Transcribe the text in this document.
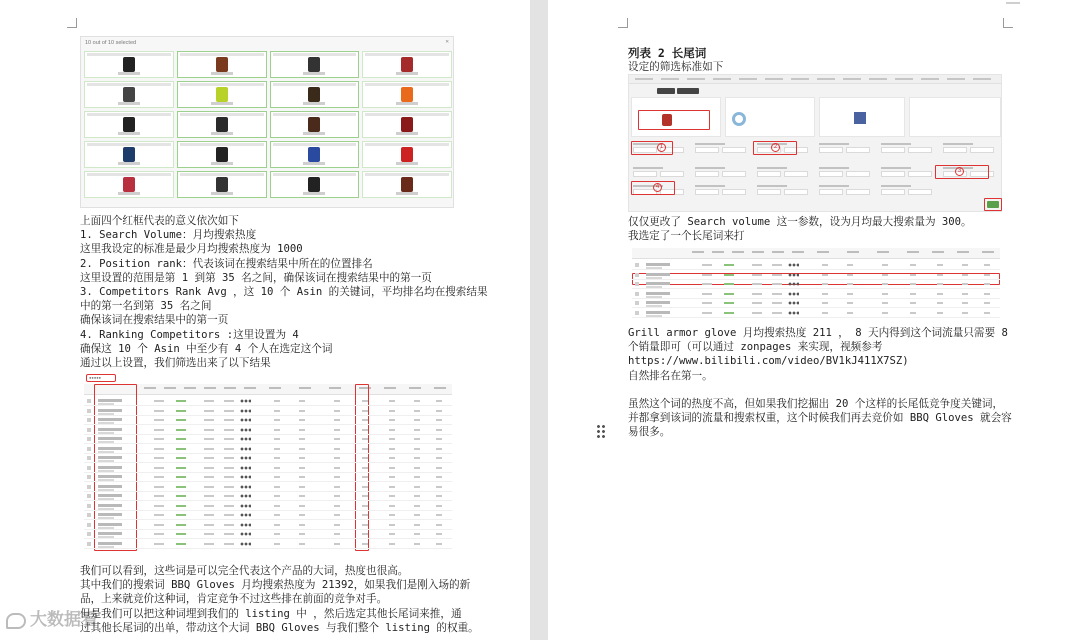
10 out of 10 selected	✕
上面四个红框代表的意义依次如下
1. Search Volume：月均搜索热度
这里我设定的标准是最少月均搜索热度为 1000
2. Position rank：代表该词在搜索结果中所在的位置排名
这里设置的范围是第 1 到第 35 名之间，确保该词在搜索结果中的第一页
3. Competitors Rank Avg ，这 10 个 Asin 的关键词，平均排名均在搜索结果
中的第一名到第 35 名之间
确保该词在搜索结果中的第一页
4. Ranking Competitors :这里设置为 4
确保这 10 个 Asin 中至少有 4 个人在选定这个词
通过以上设置，我们筛选出来了以下结果
●●●●●
我们可以看到，这些词是可以完全代表这个产品的大词，热度也很高。
其中我们的搜索词 BBQ Gloves 月均搜索热度为 21392，如果我们是刚入场的新
品，上来就竞价这种词，肯定竞争不过这些排在前面的竞争对手。
但是我们可以把这种词埋到我们的 listing 中 ，然后选定其他长尾词来推，通
过其他长尾词的出单，带动这个大词 BBQ Gloves 与我们整个 listing 的权重。
列表 2 长尾词
设定的筛选标准如下
1	2
3
4
仅仅更改了 Search volume 这一参数，设为月均最大搜索量为 300。
我选定了一个长尾词来打
Grill armor glove 月均搜索热度 211 ， 8 天内得到这个词流量只需要 8
个销量即可（可以通过 zonpages 来实现，视频参考
https://www.bilibili.com/video/BV1kJ411X7SZ)
自然排名在第一。
虽然这个词的热度不高，但如果我们挖掘出 20 个这样的长尾低竞争度关键词，
并都拿到该词的流量和搜索权重，这个时候我们再去竞价如 BBQ Gloves 就会容
易很多。
大数据看
